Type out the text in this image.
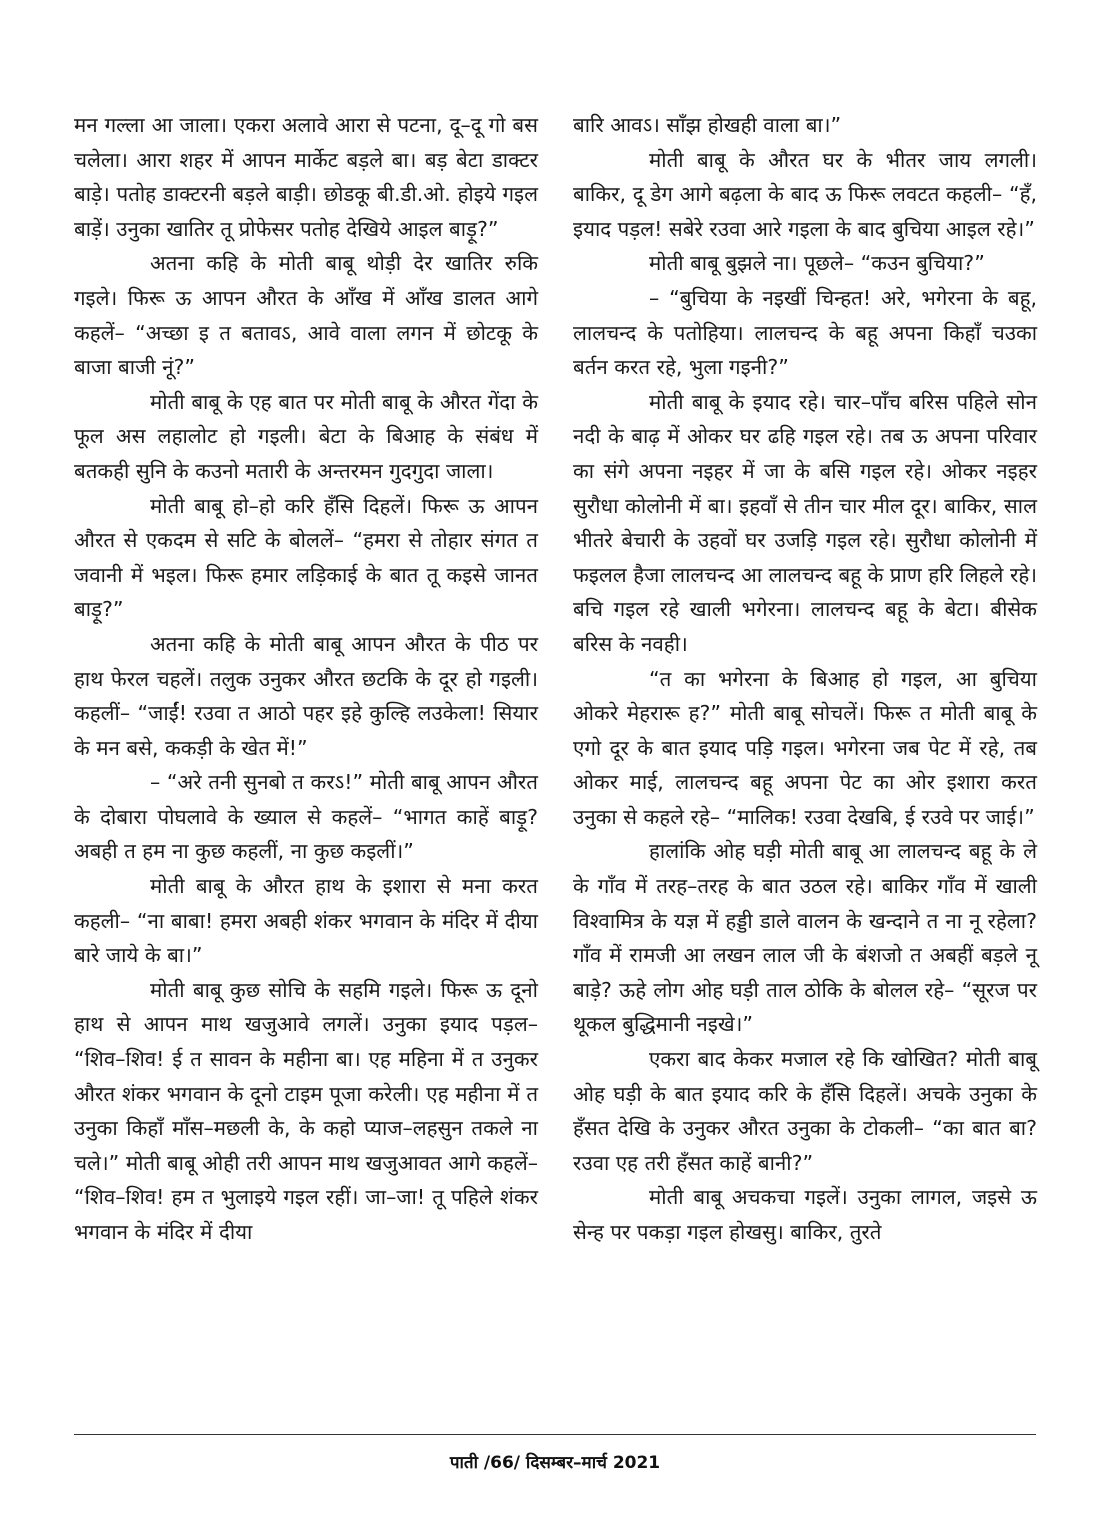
मन गल्ला आ जाला। एकरा अलावे आरा से पटना, दू–दू गो बस चलेला। आरा शहर में आपन मार्केट बड़ले बा। बड़ बेटा डाक्टर बाड़े। पतोह डाक्टरनी बड़ले बाड़ी। छोडकू बी.डी.ओ. होइये गइल बाड़ें। उनुका खातिर तू प्रोफेसर पतोह देखिये आइल बाड़ू?”

अतना कहि के मोती बाबू थोड़ी देर खातिर रुकि गइले। फिरू ऊ आपन औरत के आँख में आँख डालत आगे कहलें– “अच्छा इ त बतावऽ, आवे वाला लगन में छोटकू के बाजा बाजी नूं?”

मोती बाबू के एह बात पर मोती बाबू के औरत गेंदा के फूल अस लहालोट हो गइली। बेटा के बिआह के संबंध में बतकही सुनि के कउनो मतारी के अन्तरमन गुदगुदा जाला।

मोती बाबू हो–हो करि हँसि दिहलें। फिरू ऊ आपन औरत से एकदम से सटि के बोललें– “हमरा से तोहार संगत त जवानी में भइल। फिरू हमार लड़िकाई के बात तू कइसे जानत बाड़ू?”

अतना कहि के मोती बाबू आपन औरत के पीठ पर हाथ फेरल चहलें। तलुक उनुकर औरत छटकि के दूर हो गइली। कहलीं– “जाईं! रउवा त आठो पहर इहे कुल्हि लउकेला! सियार के मन बसे, ककड़ी के खेत में!”

– “अरे तनी सुनबो त करऽ!” मोती बाबू आपन औरत के दोबारा पोघलावे के ख्याल से कहलें– “भागत काहें बाड़ू? अबही त हम ना कुछ कहलीं, ना कुछ कइलीं।”

मोती बाबू के औरत हाथ के इशारा से मना करत कहली– “ना बाबा! हमरा अबही शंकर भगवान के मंदिर में दीया बारे जाये के बा।”

मोती बाबू कुछ सोचि के सहमि गइले। फिरू ऊ दूनो हाथ से आपन माथ खजुआवे लगलें। उनुका इयाद पड़ल– “शिव–शिव! ई त सावन के महीना बा। एह महिना में त उनुकर औरत शंकर भगवान के दूनो टाइम पूजा करेली। एह महीना में त उनुका किहाँ माँस–मछली के, के कहो प्याज–लहसुन तकले ना चले।” मोती बाबू ओही तरी आपन माथ खजुआवत आगे कहलें– “शिव–शिव! हम त भुलाइये गइल रहीं। जा–जा! तू पहिले शंकर भगवान के मंदिर में दीया

बारि आवऽ। साँझ होखही वाला बा।”

मोती बाबू के औरत घर के भीतर जाय लगली। बाकिर, दू डेग आगे बढ़ला के बाद ऊ फिरू लवटत कहली– “हँ, इयाद पड़ल! सबेरे रउवा आरे गइला के बाद बुचिया आइल रहे।”

मोती बाबू बुझले ना। पूछले– “कउन बुचिया?”

– “बुचिया के नइखीं चिन्हत! अरे, भगेरना के बहू, लालचन्द के पतोहिया। लालचन्द के बहू अपना किहाँ चउका बर्तन करत रहे, भुला गइनी?”

मोती बाबू के इयाद रहे। चार–पाँच बरिस पहिले सोन नदी के बाढ़ में ओकर घर ढहि गइल रहे। तब ऊ अपना परिवार का संगे अपना नइहर में जा के बसि गइल रहे। ओकर नइहर सुरौधा कोलोनी में बा। इहवाँ से तीन चार मील दूर। बाकिर, साल भीतरे बेचारी के उहवों घर उजड़ि गइल रहे। सुरौधा कोलोनी में फइलल हैजा लालचन्द आ लालचन्द बहू के प्राण हरि लिहले रहे। बचि गइल रहे खाली भगेरना। लालचन्द बहू के बेटा। बीसेक बरिस के नवही।

“त का भगेरना के बिआह हो गइल, आ बुचिया ओकरे मेहरारू ह?” मोती बाबू सोचलें। फिरू त मोती बाबू के एगो दूर के बात इयाद पड़ि गइल। भगेरना जब पेट में रहे, तब ओकर माई, लालचन्द बहू अपना पेट का ओर इशारा करत उनुका से कहले रहे– “मालिक! रउवा देखबि, ई रउवे पर जाई।”

हालांकि ओह घड़ी मोती बाबू आ लालचन्द बहू के ले के गाँव में तरह–तरह के बात उठल रहे। बाकिर गाँव में खाली विश्वामित्र के यज्ञ में हड्डी डाले वालन के खन्दाने त ना नू रहेला? गाँव में रामजी आ लखन लाल जी के बंशजो त अबहीं बड़ले नू बाड़े? ऊहे लोग ओह घड़ी ताल ठोकि के बोलल रहे– “सूरज पर थूकल बुद्धिमानी नइखे।”

एकरा बाद केकर मजाल रहे कि खोखित? मोती बाबू ओह घड़ी के बात इयाद करि के हँसि दिहलें। अचके उनुका के हँसत देखि के उनुकर औरत उनुका के टोकली– “का बात बा? रउवा एह तरी हँसत काहें बानी?”

मोती बाबू अचकचा गइलें। उनुका लागल, जइसे ऊ सेन्ह पर पकड़ा गइल होखसु। बाकिर, तुरते

पाती /66/ दिसम्बर–मार्च 2021
